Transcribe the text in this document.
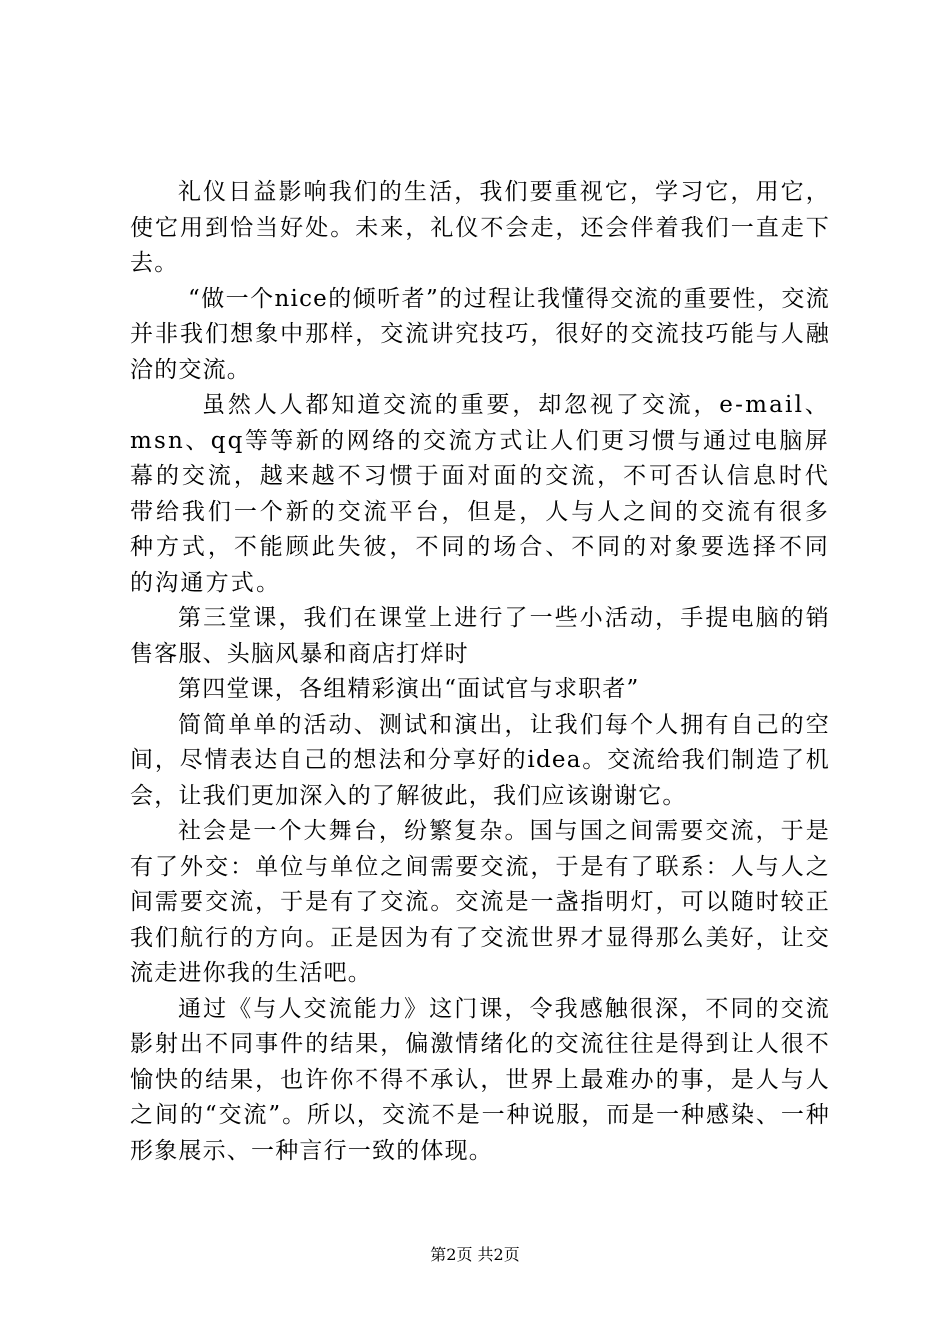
礼仪日益影响我们的生活，我们要重视它，学习它，用它，使它用到恰当好处。未来，礼仪不会走，还会伴着我们一直走下去。

“做一个nice的倾听者”的过程让我懂得交流的重要性，交流并非我们想象中那样，交流讲究技巧，很好的交流技巧能与人融洽的交流。

虽然人人都知道交流的重要，却忽视了交流，e-mail、msn、qq等等新的网络的交流方式让人们更习惯与通过电脑屏幕的交流，越来越不习惯于面对面的交流，不可否认信息时代带给我们一个新的交流平台，但是，人与人之间的交流有很多种方式，不能顾此失彼，不同的场合、不同的对象要选择不同的沟通方式。

第三堂课，我们在课堂上进行了一些小活动，手提电脑的销售客服、头脑风暴和商店打烊时

第四堂课，各组精彩演出“面试官与求职者”

简简单单的活动、测试和演出，让我们每个人拥有自己的空间，尽情表达自己的想法和分享好的idea。交流给我们制造了机会，让我们更加深入的了解彼此，我们应该谢谢它。

社会是一个大舞台，纷繁复杂。国与国之间需要交流，于是有了外交：单位与单位之间需要交流，于是有了联系：人与人之间需要交流，于是有了交流。交流是一盏指明灯，可以随时较正我们航行的方向。正是因为有了交流世界才显得那么美好，让交流走进你我的生活吧。

通过《与人交流能力》这门课，令我感触很深，不同的交流影射出不同事件的结果，偏激情绪化的交流往往是得到让人很不愉快的结果，也许你不得不承认，世界上最难办的事，是人与人之间的“交流”。所以，交流不是一种说服，而是一种感染、一种形象展示、一种言行一致的体现。

第2页 共2页
